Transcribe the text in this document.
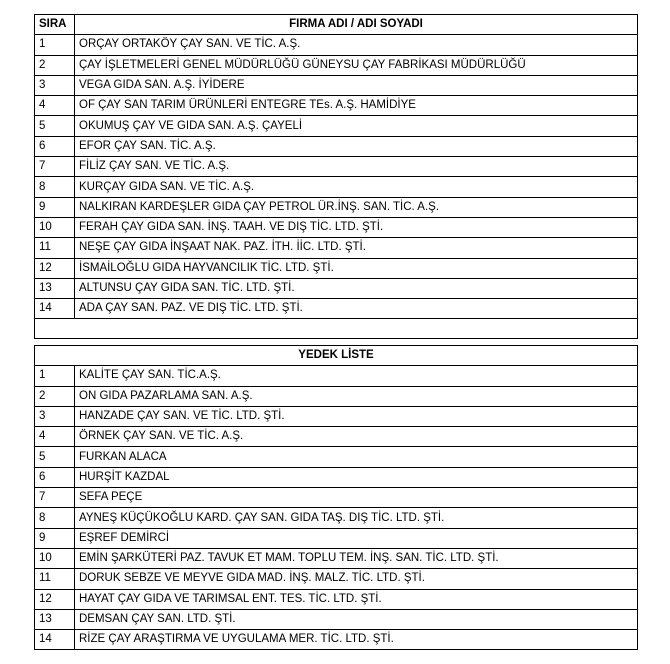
SIRA	FIRMA ADI / ADI SOYADI
1	ORÇAY ORTAKÖY ÇAY SAN. VE TİC. A.Ş.
2	ÇAY İŞLETMELERİ GENEL MÜDÜRLÜĞÜ GÜNEYSU ÇAY FABRİKASI MÜDÜRLÜĞÜ
3	VEGA GIDA SAN. A.Ş. İYİDERE
4	OF ÇAY SAN TARIM ÜRÜNLERİ ENTEGRE TEs. A.Ş. HAMİDİYE
5	OKUMUŞ ÇAY VE GIDA SAN. A.Ş. ÇAYELİ
6	EFOR ÇAY SAN. TİC. A.Ş.
7	FİLİZ ÇAY SAN. VE TİC. A.Ş.
8	KURÇAY GIDA SAN. VE TİC. A.Ş.
9	NALKIRAN KARDEŞLER GIDA ÇAY PETROL ÜR.İNŞ. SAN. TİC. A.Ş.
10	FERAH ÇAY GIDA SAN. İNŞ. TAAH. VE DIŞ TİC. LTD. ŞTİ.
11	NEŞE ÇAY GIDA İNŞAAT NAK. PAZ. İTH. İİC. LTD. ŞTİ.
12	İSMAİLOĞLU GIDA HAYVANCILIK TİC. LTD. ŞTİ.
13	ALTUNSU ÇAY GIDA SAN. TİC. LTD. ŞTİ.
14	ADA ÇAY SAN. PAZ. VE DIŞ TİC. LTD. ŞTİ.

YEDEK LİSTE	
1	KALİTE ÇAY SAN. TİC.A.Ş.
2	ON GIDA PAZARLAMA SAN. A.Ş.
3	HANZADE ÇAY SAN. VE TİC. LTD. ŞTİ.
4	ÖRNEK ÇAY SAN. VE TİC. A.Ş.
5	FURKAN ALACA
6	HURŞİT KAZDAL
7	SEFA PEÇE
8	AYNEŞ KÜÇÜKOĞLU KARD. ÇAY SAN. GIDA TAŞ. DIŞ TİC. LTD. ŞTİ.
9	EŞREF DEMİRCİ
10	EMİN ŞARKÜTERİ PAZ. TAVUK ET MAM. TOPLU TEM. İNŞ. SAN. TİC. LTD. ŞTİ.
11	DORUK SEBZE VE MEYVE GIDA MAD. İNŞ. MALZ. TİC. LTD. ŞTİ.
12	HAYAT ÇAY GIDA VE TARIMSAL ENT. TES. TİC. LTD. ŞTİ.
13	DEMSAN ÇAY SAN. LTD. ŞTİ.
14	RİZE ÇAY ARAŞTIRMA VE UYGULAMA MER. TİC. LTD. ŞTİ.
